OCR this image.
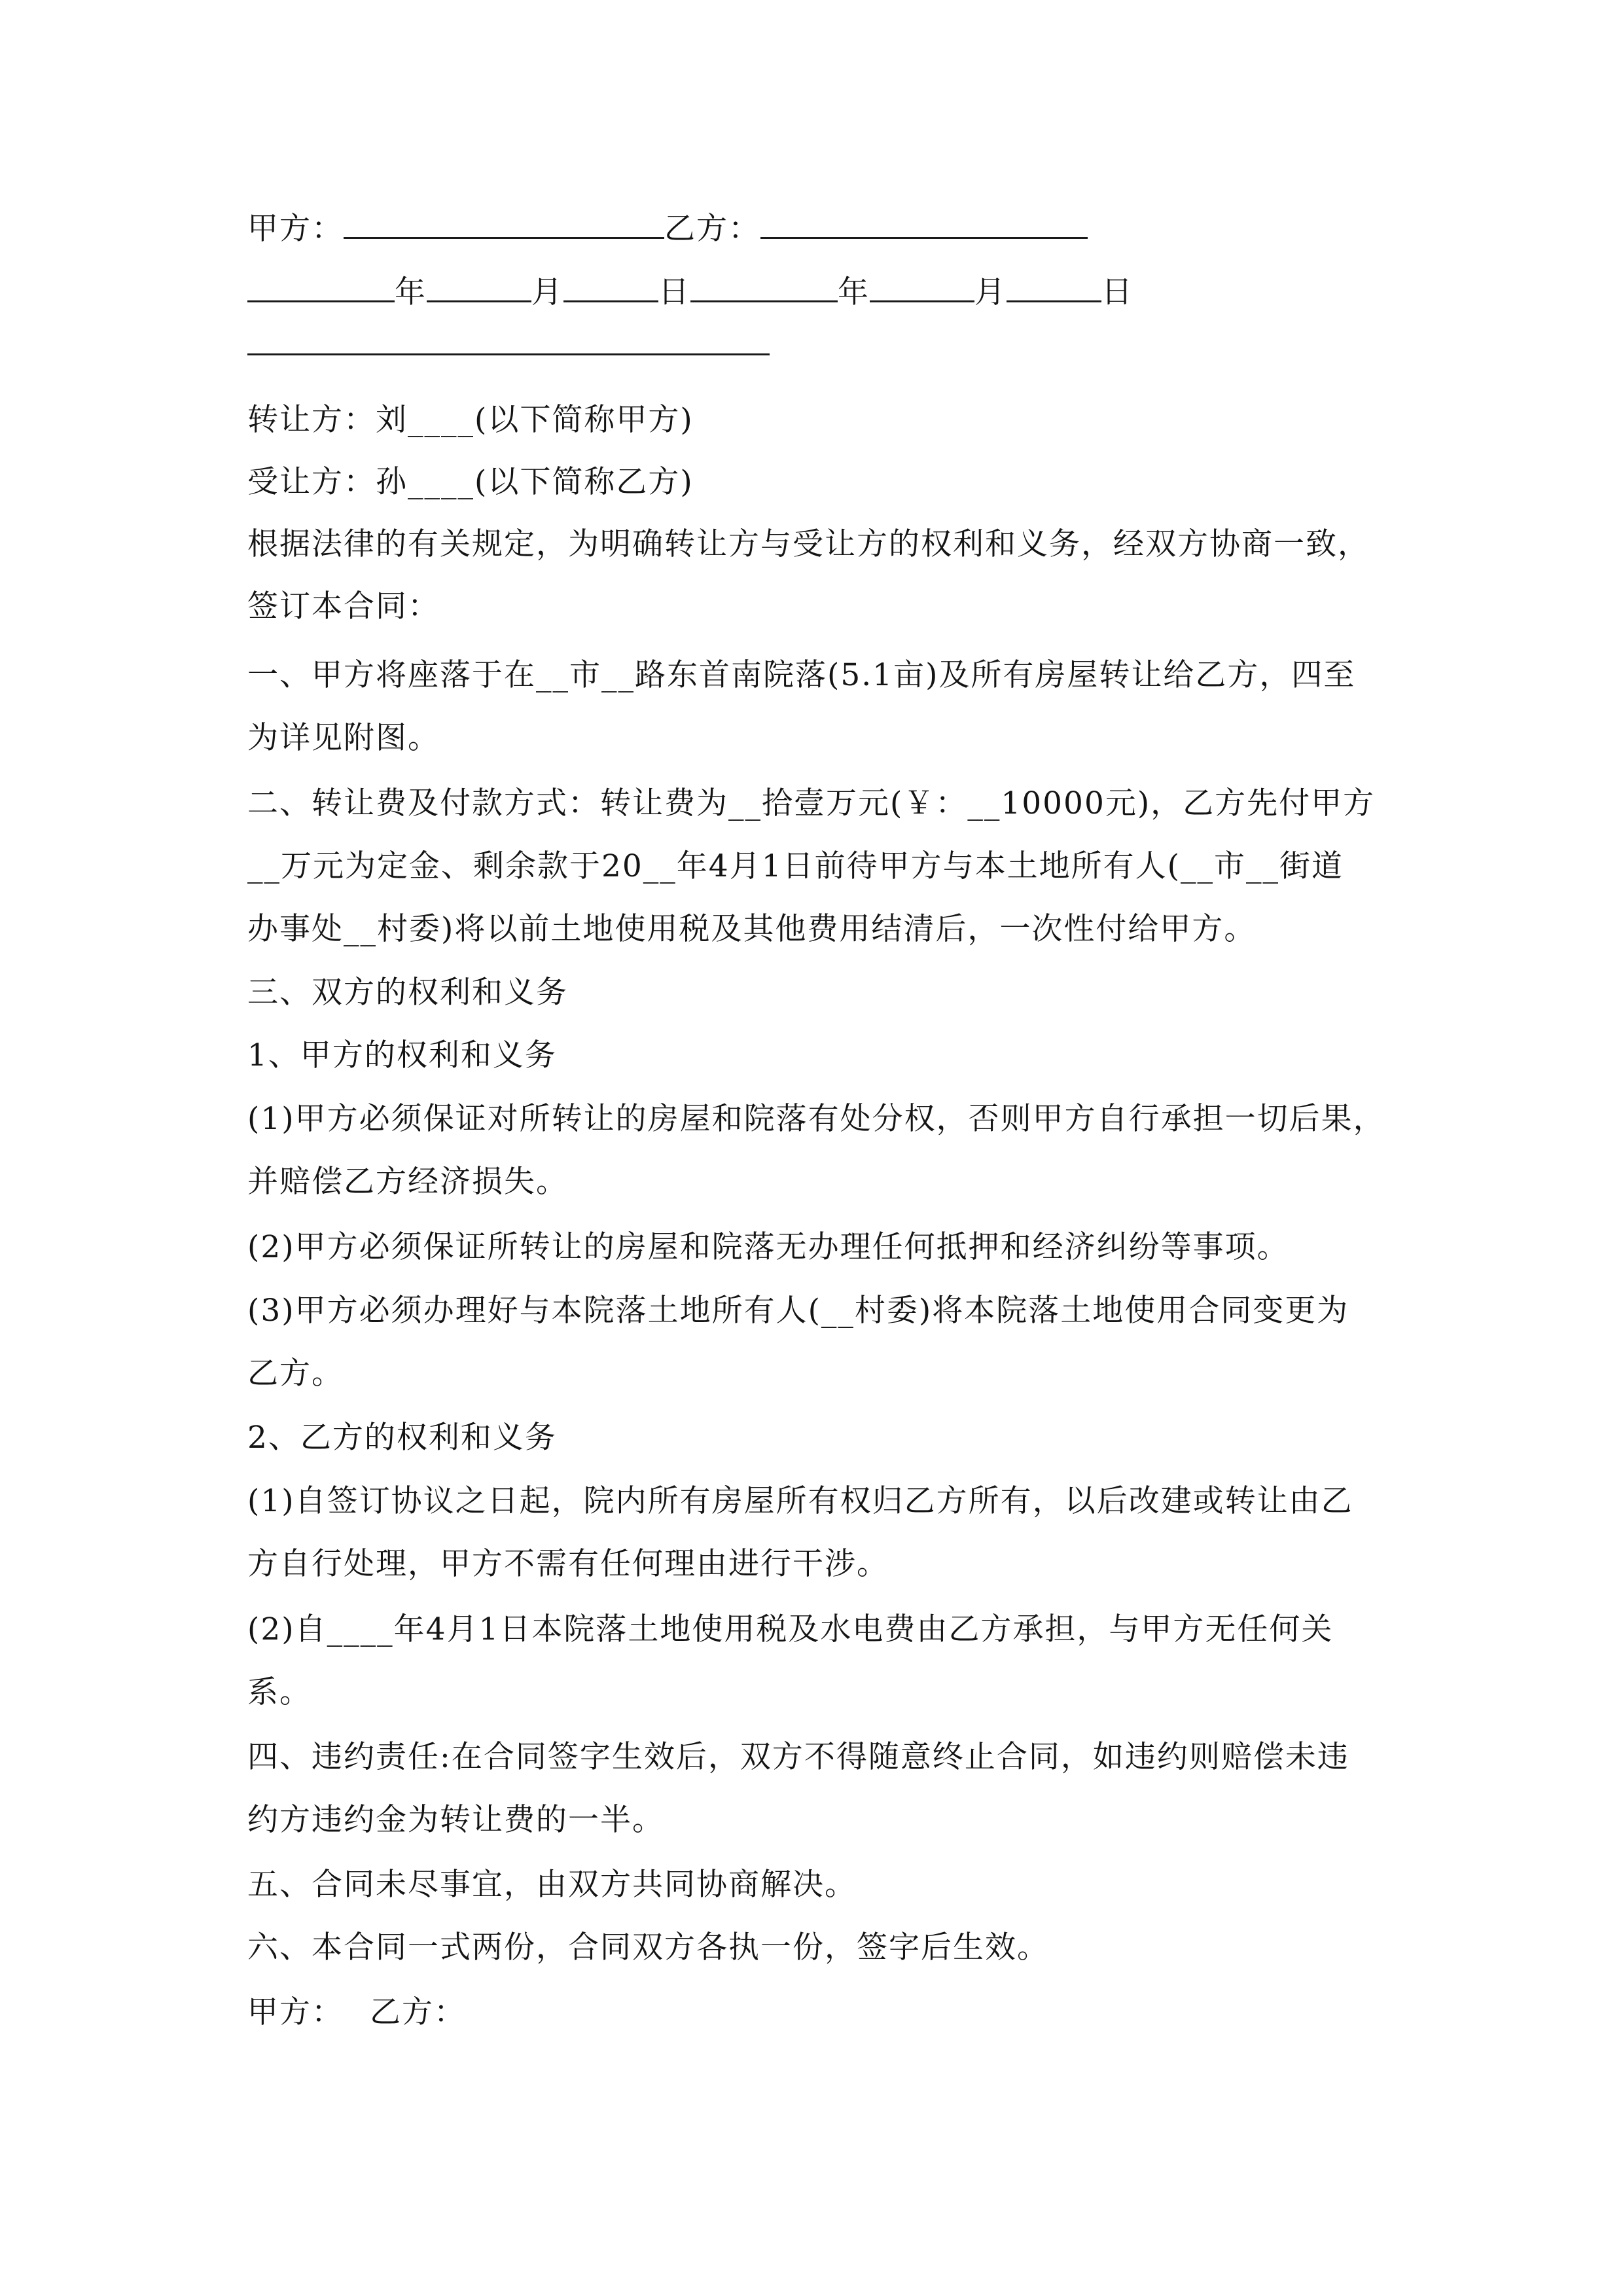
甲方：	乙方：
年	月	日	年	月	日
转让方：刘____(以下简称甲方)
受让方：孙____(以下简称乙方)
根据法律的有关规定，为明确转让方与受让方的权利和义务，经双方协商一致，
签订本合同：
一、甲方将座落于在__市__路东首南院落(5.1亩)及所有房屋转让给乙方，四至
为详见附图。
二、转让费及付款方式：转让费为__拾壹万元(￥：__10000元)，乙方先付甲方
__万元为定金、剩余款于20__年4月1日前待甲方与本土地所有人(__市__街道
办事处__村委)将以前土地使用税及其他费用结清后，一次性付给甲方。
三、双方的权利和义务
1、甲方的权利和义务
(1)甲方必须保证对所转让的房屋和院落有处分权，否则甲方自行承担一切后果，
并赔偿乙方经济损失。
(2)甲方必须保证所转让的房屋和院落无办理任何抵押和经济纠纷等事项。
(3)甲方必须办理好与本院落土地所有人(__村委)将本院落土地使用合同变更为
乙方。
2、乙方的权利和义务
(1)自签订协议之日起，院内所有房屋所有权归乙方所有，以后改建或转让由乙
方自行处理，甲方不需有任何理由进行干涉。
(2)自____年4月1日本院落土地使用税及水电费由乙方承担，与甲方无任何关
系。
四、违约责任:在合同签字生效后，双方不得随意终止合同，如违约则赔偿未违
约方违约金为转让费的一半。
五、合同未尽事宜，由双方共同协商解决。
六、本合同一式两份，合同双方各执一份，签字后生效。
甲方： 乙方：
